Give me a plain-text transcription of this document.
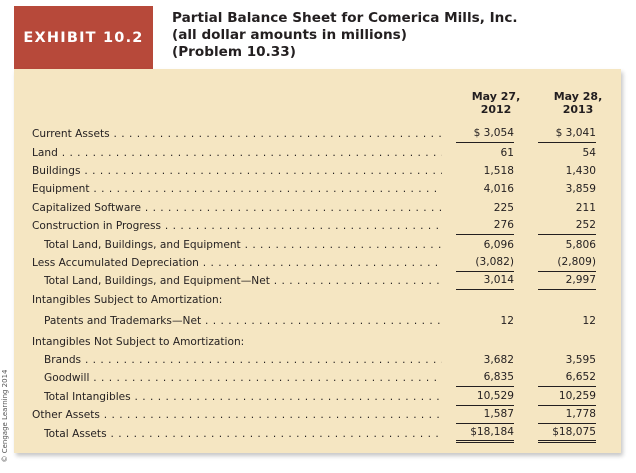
EXHIBIT 10.2
Partial Balance Sheet for Comerica Mills, Inc.
(all dollar amounts in millions)
(Problem 10.33)
May 27,
2012
May 28,
2013
Current Assets . . .	$ 3,054	$ 3,041
Land . . .	61	54
Buildings . . .	1,518	1,430
Equipment . . .	4,016	3,859
Capitalized Software . . .	225	211
Construction in Progress . . .	276	252
Total Land, Buildings, and Equipment . . .	6,096	5,806
Less Accumulated Depreciation . . .	(3,082)	(2,809)
Total Land, Buildings, and Equipment—Net . . .	3,014	2,997
Intangibles Subject to Amortization:
Patents and Trademarks—Net . . .	12	12
Intangibles Not Subject to Amortization:
Brands . . .	3,682	3,595
Goodwill . . .	6,835	6,652
Total Intangibles . . .	10,529	10,259
Other Assets . . .	1,587	1,778
Total Assets . . .	$18,184	$18,075
© Cengage Learning 2014
